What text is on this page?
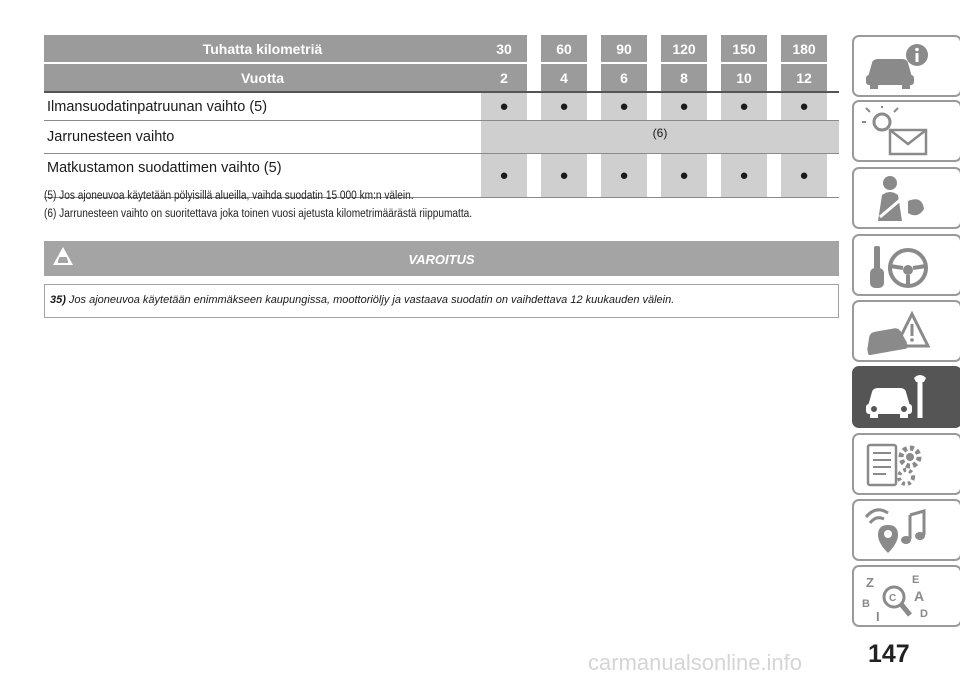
Tuhatta kilometriä	30		60		90		120		150		180	
Vuotta	2		4		6		8		10		12	
Ilmansuodatinpatruunan vaihto (5)	●		●		●		●		●		●	
Jarrunesteen vaihto	(6)											
Matkustamon suodattimen vaihto (5)	●		●		●		●		●		●	
(5) Jos ajoneuvoa käytetään pölyisillä alueilla, vaihda suodatin 15 000 km:n välein.
(6) Jarrunesteen vaihto on suoritettava joka toinen vuosi ajetusta kilometrimäärästä riippumatta.
VAROITUS
35) Jos ajoneuvoa käytetään enimmäkseen kaupungissa, moottoriöljy ja vastaava suodatin on vaihdettava 12 kuukauden välein.
Z	E
B	A
D
I
C
147
carmanualsonline.info
